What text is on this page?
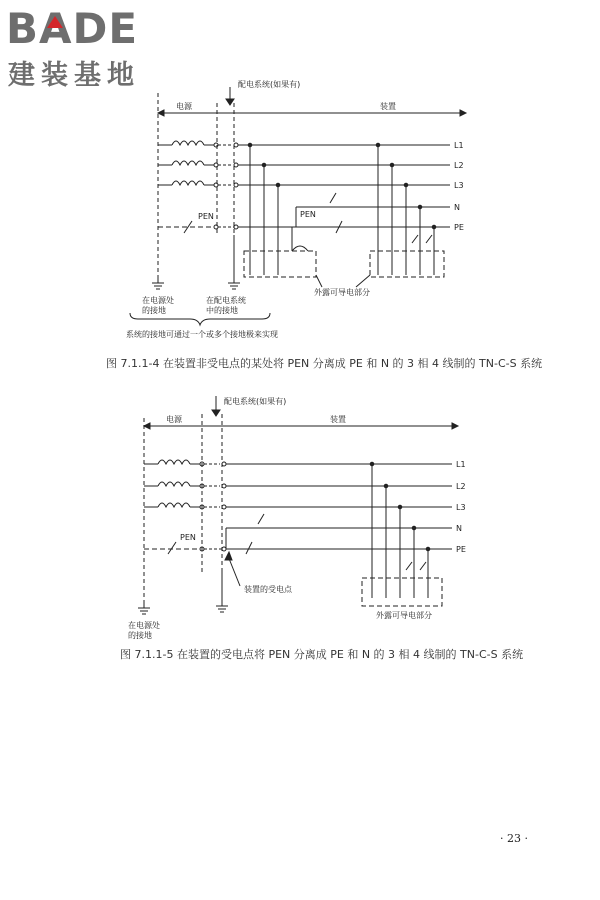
BADE
建装基地	配电系统(如果有)
电源	装置
L1
L2
L3
N
PE
PEN	PEN
外露可导电部分
在电源处
的接地
在配电系统
中的接地
系统的接地可通过一个或多个接地极来实现
图 7.1.1-4 在装置非受电点的某处将 PEN 分离成 PE 和 N 的 3 相 4 线制的 TN-C-S 系统
配电系统(如果有)
电源	装置
L1
L2
L3
N
PE
PEN
装置的受电点
外露可导电部分
在电源处
的接地
图 7.1.1-5 在装置的受电点将 PEN 分离成 PE 和 N 的 3 相 4 线制的 TN-C-S 系统
· 23 ·
